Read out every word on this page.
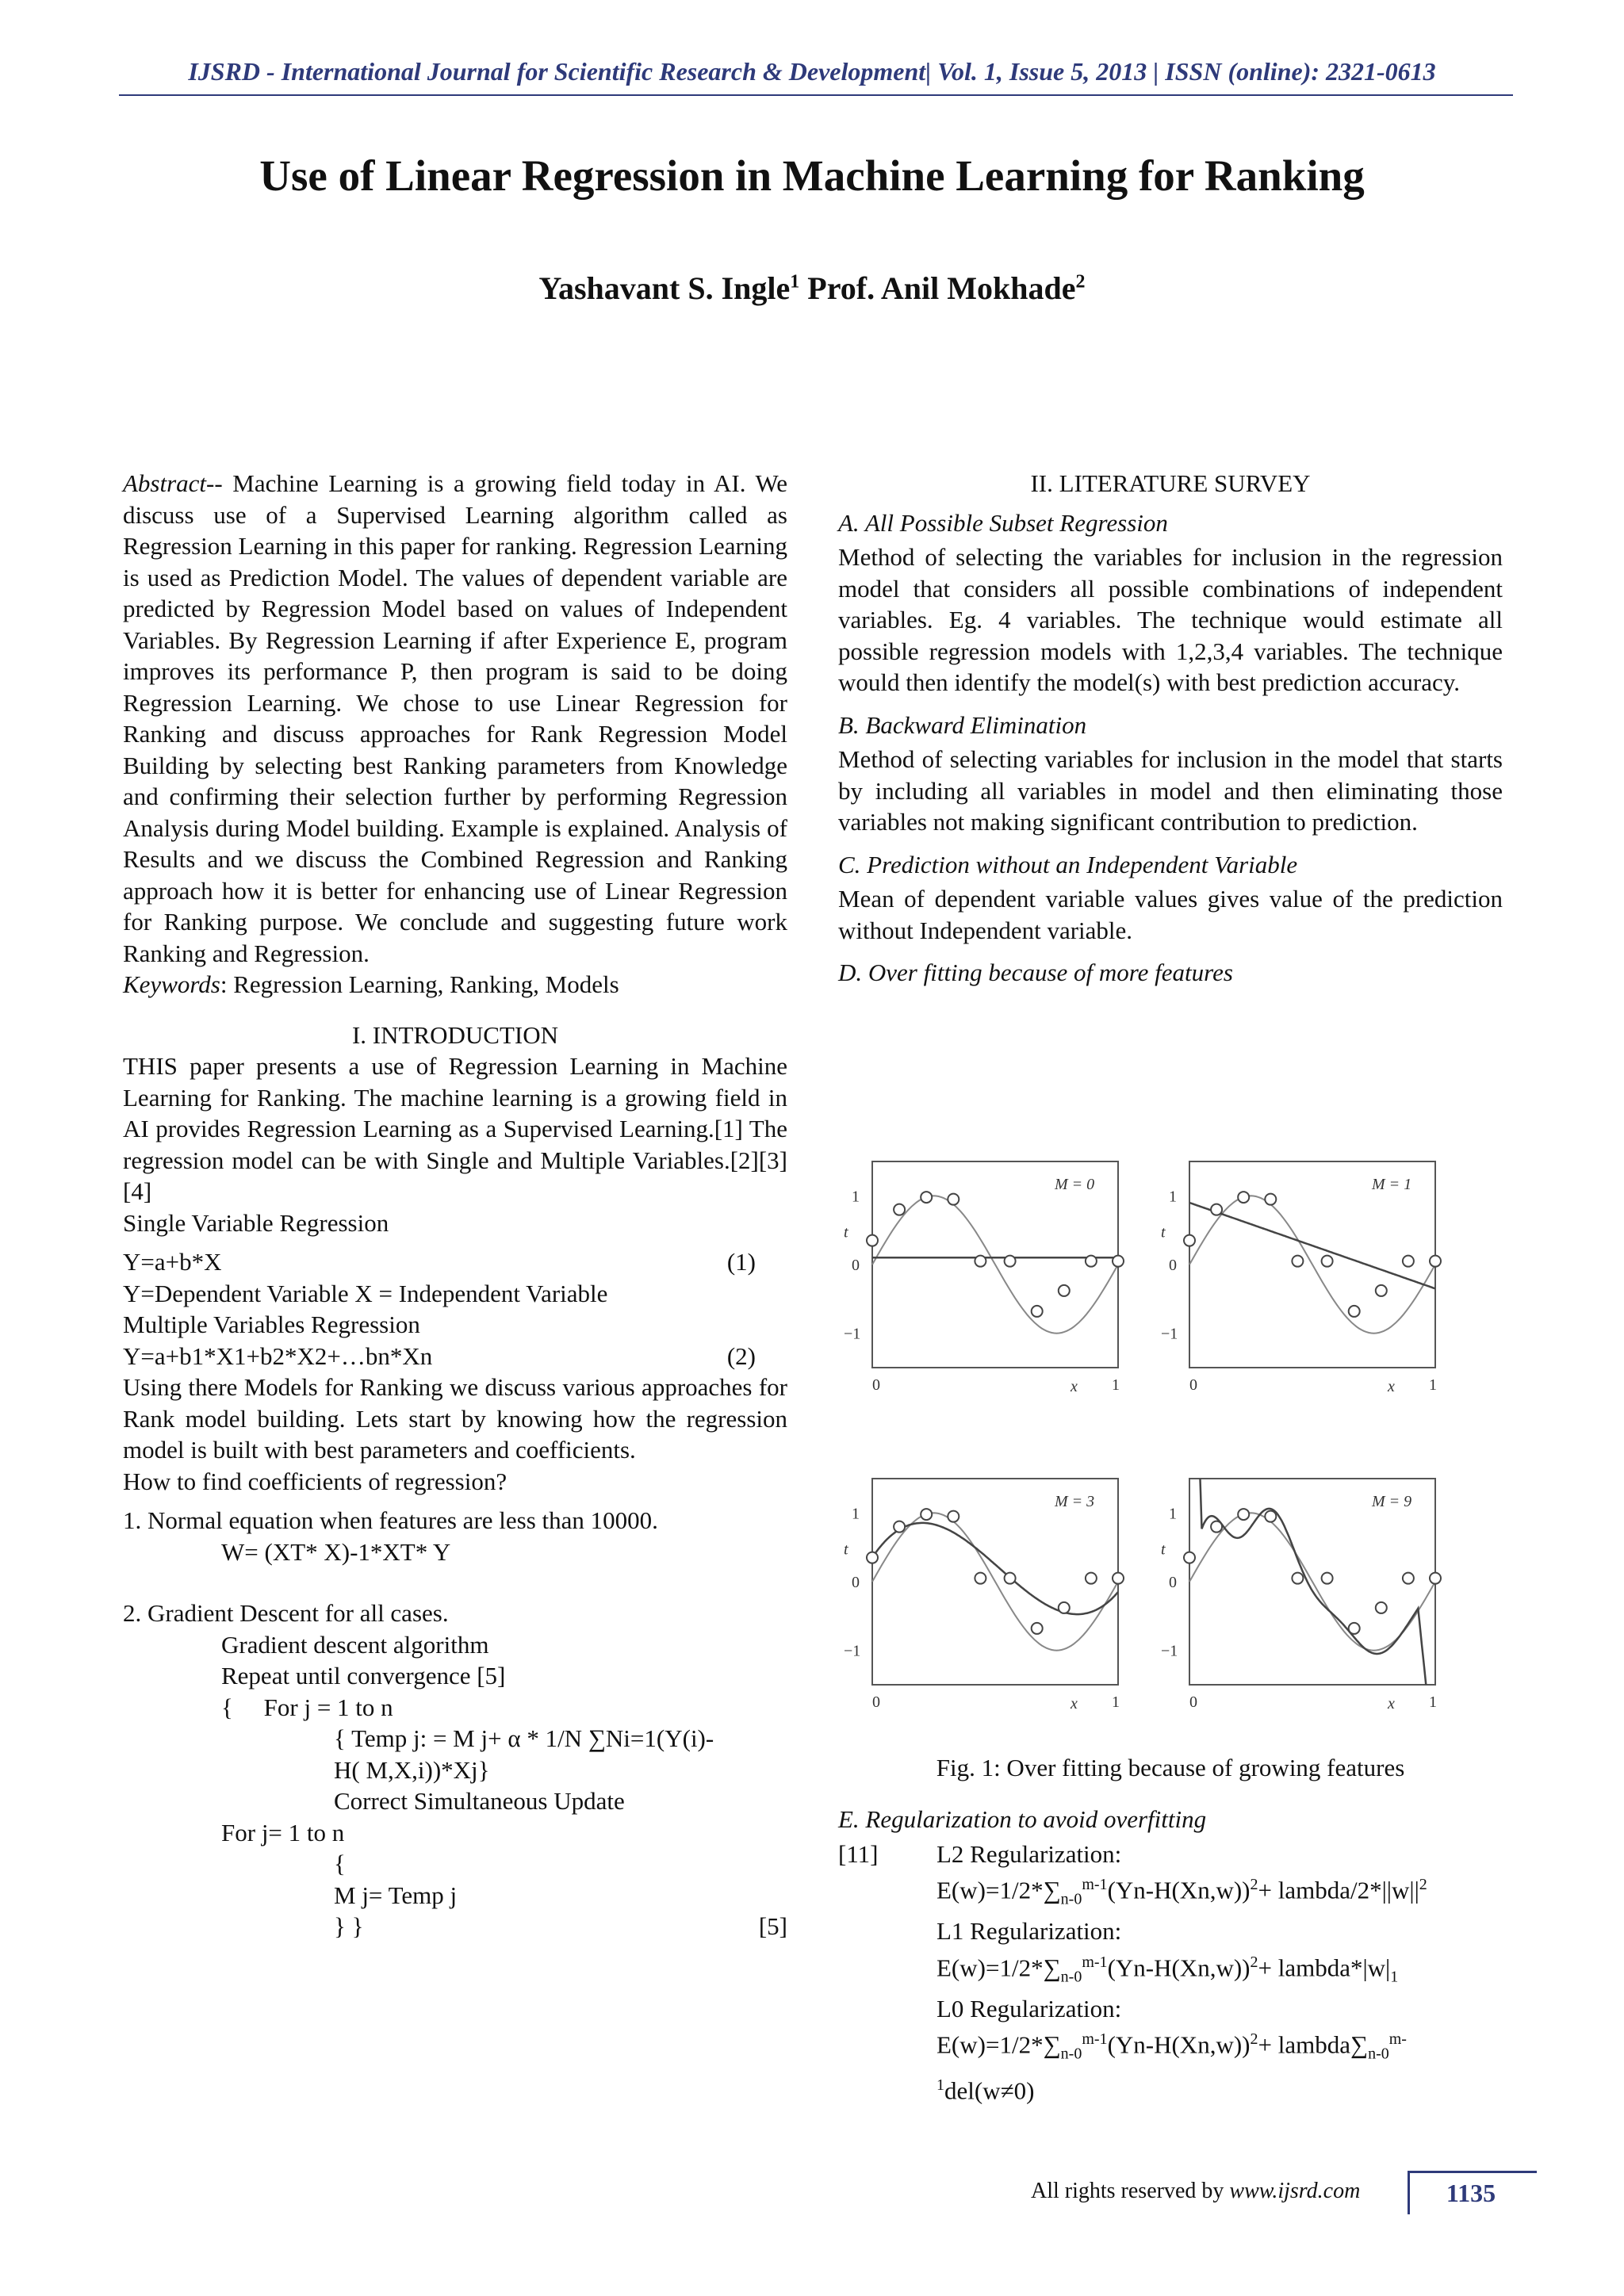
IJSRD - International Journal for Scientific Research & Development| Vol. 1, Issue 5, 2013 | ISSN (online): 2321-0613
Use of Linear Regression in Machine Learning for Ranking
Yashavant S. Ingle$^1$ Prof. Anil Mokhade$^2$

Abstract-- Machine Learning is a growing field today in AI. We discuss use of a Supervised Learning algorithm called as Regression Learning in this paper for ranking. Regression Learning is used as Prediction Model. The values of dependent variable are predicted by Regression Model based on values of Independent Variables. By Regression Learning if after Experience E, program improves its performance P, then program is said to be doing Regression Learning. We chose to use Linear Regression for Ranking and discuss approaches for Rank Regression Model Building by selecting best Ranking parameters from Knowledge and confirming their selection further by performing Regression Analysis during Model building. Example is explained. Analysis of Results and we discuss the Combined Regression and Ranking approach how it is better for enhancing use of Linear Regression for Ranking purpose. We conclude and suggesting future work Ranking and Regression.

Keywords: Regression Learning, Ranking, Models

I. INTRODUCTION

THIS paper presents a use of Regression Learning in Machine Learning for Ranking. The machine learning is a growing field in AI provides Regression Learning as a Supervised Learning.[1] The regression model can be with Single and Multiple Variables.[2][3][4]

Single Variable Regression

Y=a+b*X	(1)

Y=Dependent Variable X = Independent Variable

Multiple Variables Regression

Y=a+b1*X1+b2*X2+…bn*Xn	(2)

Using there Models for Ranking we discuss various approaches for Rank model building. Lets start by knowing how the regression model is built with best parameters and coefficients.

How to find coefficients of regression?

1. Normal equation when features are less than 10000.

W= (XT* X)-1*XT* Y

2. Gradient Descent for all cases.

Gradient descent algorithm

Repeat until convergence [5]

{ For j = 1 to n

{ Temp j: = M j+ α * 1/N ∑Ni=1(Y(i)-

H( M,X,i))*Xj}

Correct Simultaneous Update

For j= 1 to n

{

M j= Temp j

} }	[5]

II. LITERATURE SURVEY

A. All Possible Subset Regression

Method of selecting the variables for inclusion in the regression model that considers all possible combinations of independent variables. Eg. 4 variables. The technique would estimate all possible regression models with 1,2,3,4 variables. The technique would then identify the model(s) with best prediction accuracy.

B. Backward Elimination

Method of selecting variables for inclusion in the model that starts by including all variables in model and then eliminating those variables not making significant contribution to prediction.

C. Prediction without an Independent Variable

Mean of dependent variable values gives value of the prediction without Independent variable.

D. Over fitting because of more features

1
0
−1
t
0	1
x
M = 0
1
0
−1
t
0	1
x
M = 1
1
0
−1
t
0	1
x
M = 3
1
0
−1
t
0	1
x
M = 9
Fig. 1: Over fitting because of growing features

E. Regularization to avoid overfitting

[11]	L2 Regularization:

$E(w)=1/2*\sum_{n-0}^{m-1}(Yn-H(Xn,w))^2+$ lambda/$2*||w||^2$

L1 Regularization:

$E(w)=1/2*\sum_{n-0}^{m-1}(Yn-H(Xn,w))^2+$ $lambda*|w|_1$

L0 Regularization:

$E(w)=1/2*\sum_{n-0}^{m-1}(Yn-H(Xn,w))^2+$ $lambda\sum_{n-0}^{m-}$

$^1$del(w≠0)

All rights reserved by www.ijsrd.com	1135
